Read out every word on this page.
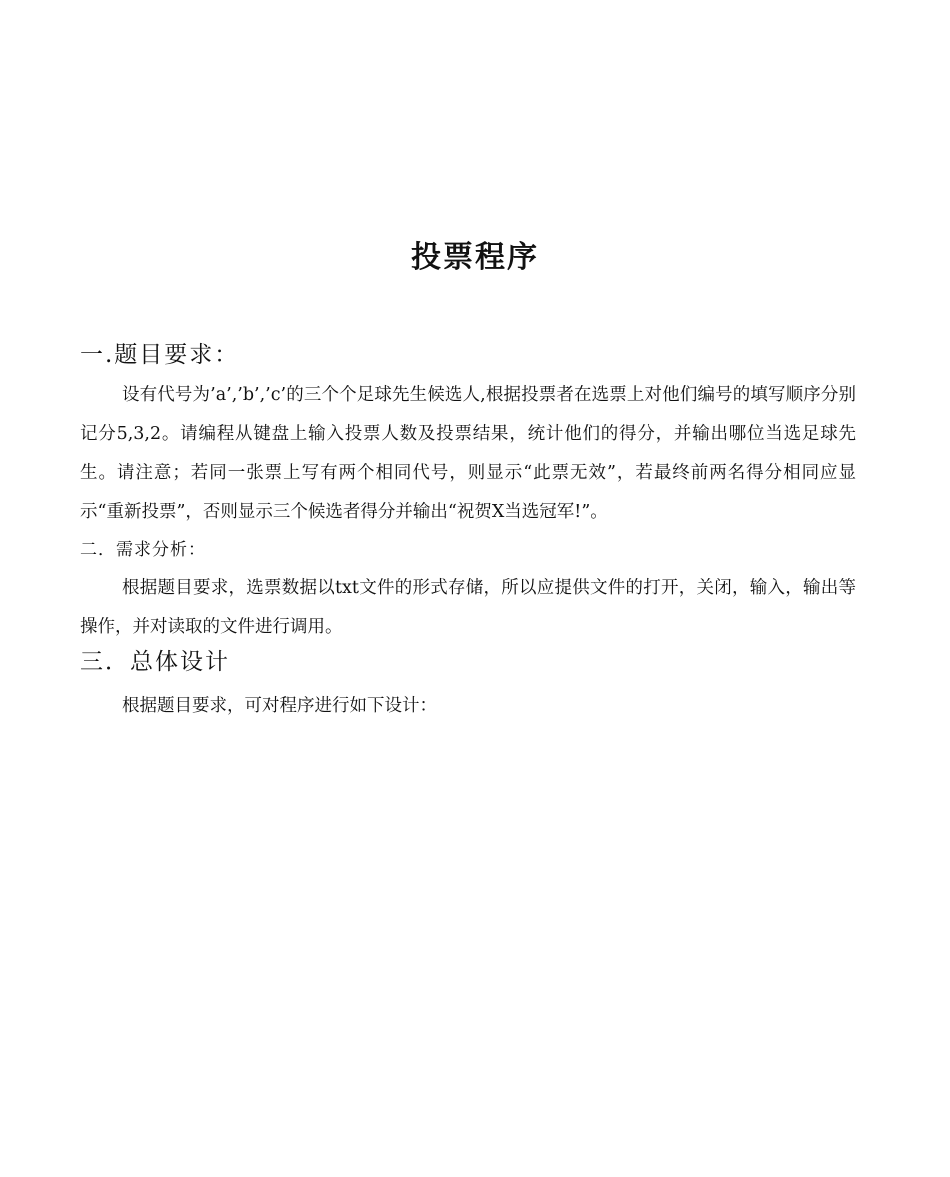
投票程序
一.题目要求：

设有代号为’a’,’b’,’c’的三个个足球先生候选人,根据投票者在选票上对他们编号的填写顺序分别记分5,3,2。请编程从键盘上输入投票人数及投票结果，统计他们的得分，并输出哪位当选足球先生。请注意；若同一张票上写有两个相同代号，则显示“此票无效”，若最终前两名得分相同应显示“重新投票”，否则显示三个候选者得分并输出“祝贺X当选冠军!”。

二．需求分析：

根据题目要求，选票数据以txt文件的形式存储，所以应提供文件的打开，关闭，输入，输出等操作，并对读取的文件进行调用。

三．总体设计

根据题目要求，可对程序进行如下设计：
